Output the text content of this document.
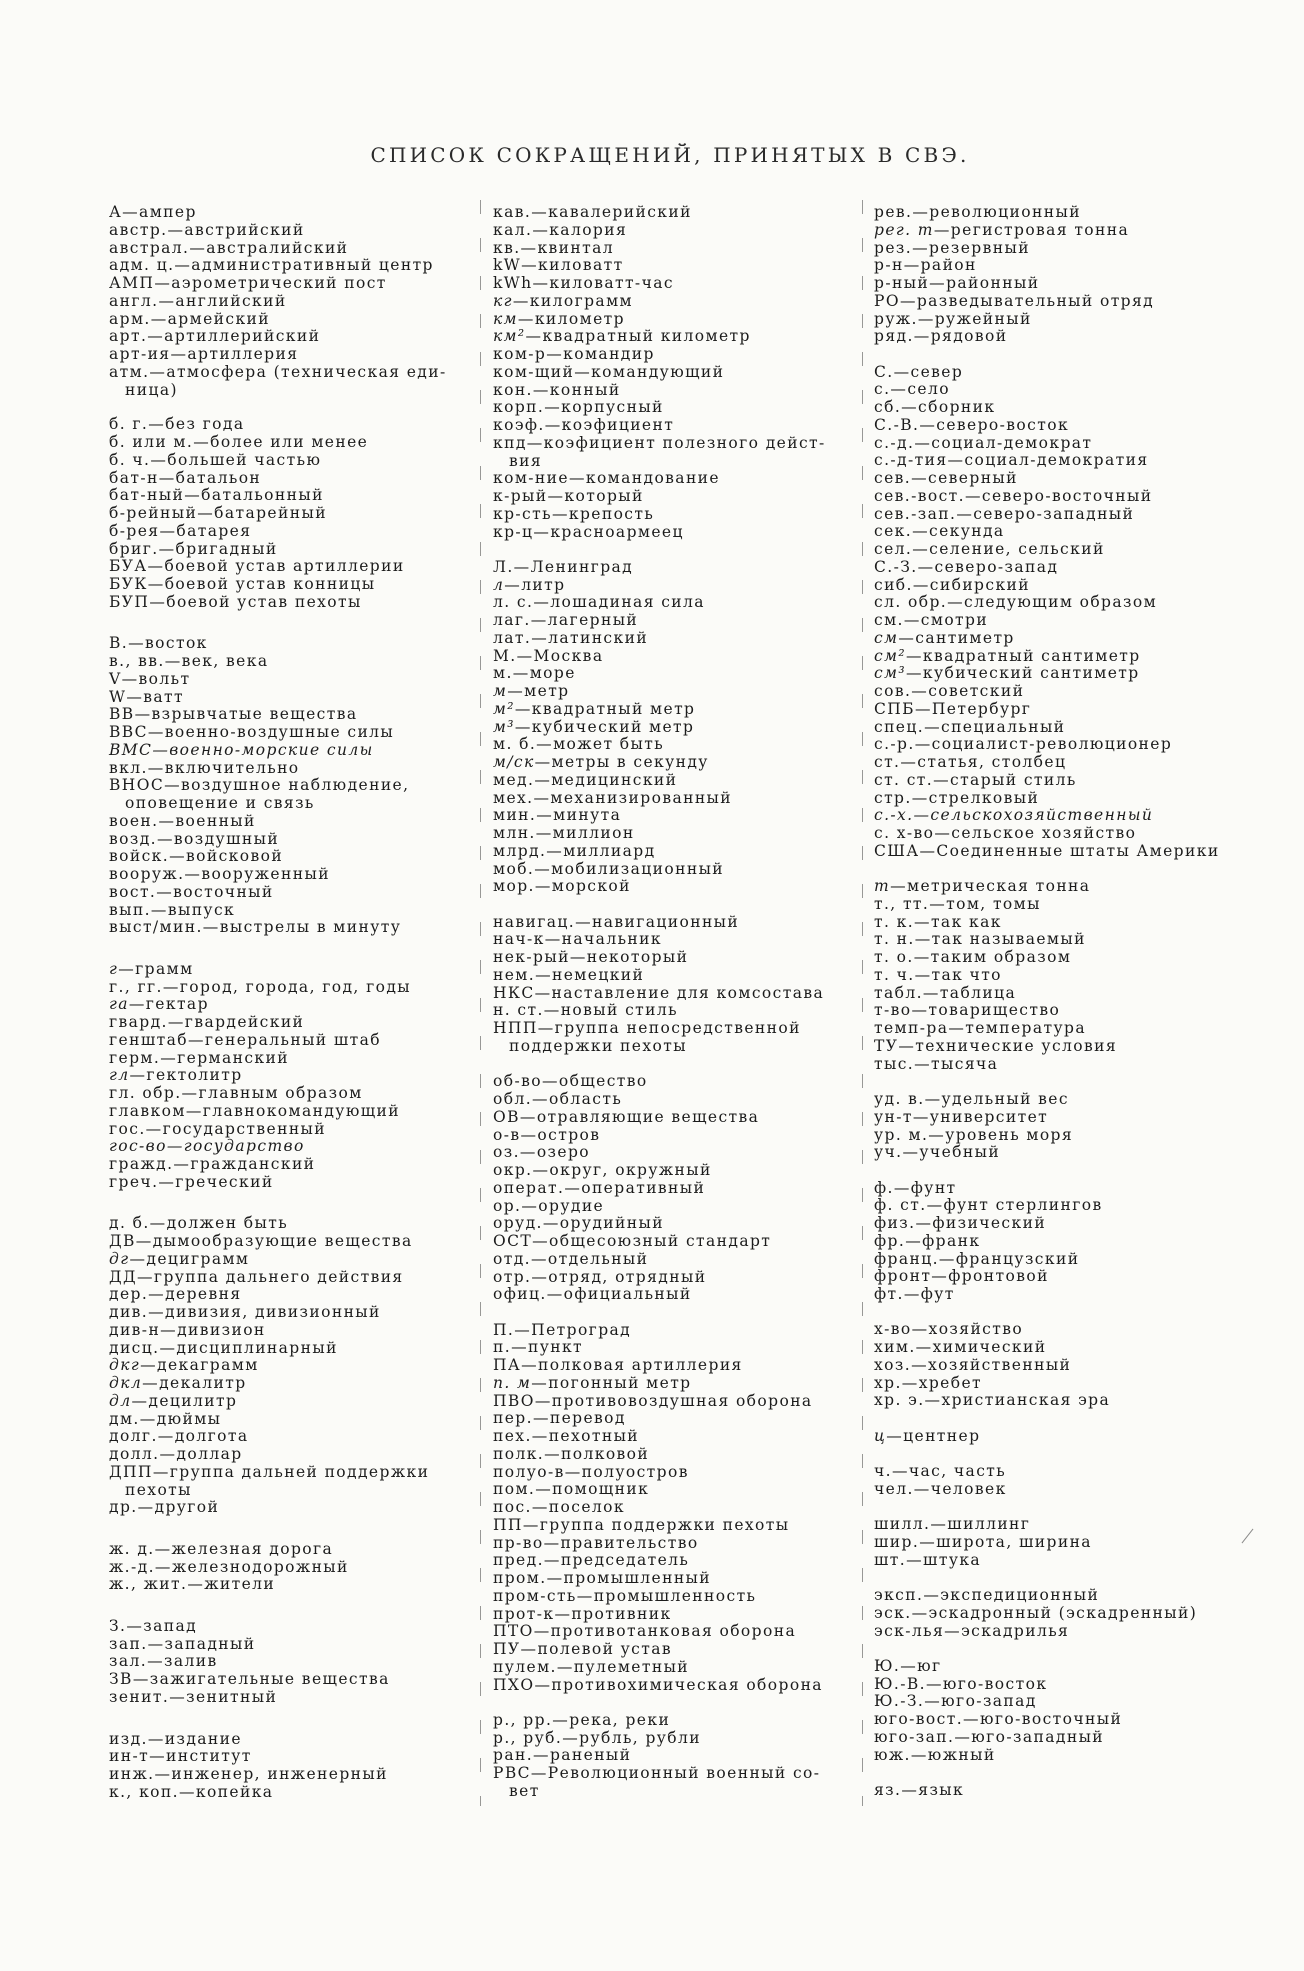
СПИСОК СОКРАЩЕНИЙ, ПРИНЯТЫХ В СВЭ.
А—ампер
австр.—австрийский
австрал.—австралийский
адм. ц.—административный центр
АМП—аэрометрический пост
англ.—английский
арм.—армейский
арт.—артиллерийский
арт-ия—артиллерия
атм.—атмосфера (техническая еди-
ница)
б. г.—без года
б. или м.—более или менее
б. ч.—большей частью
бат-н—батальон
бат-ный—батальонный
б-рейный—батарейный
б-рея—батарея
бриг.—бригадный
БУА—боевой устав артиллерии
БУК—боевой устав конницы
БУП—боевой устав пехоты
В.—восток
в., вв.—век, века
V—вольт
W—ватт
ВВ—взрывчатые вещества
ВВС—военно-воздушные силы
ВМС—военно-морские силы
вкл.—включительно
ВНОС—воздушное наблюдение,
оповещение и связь
воен.—военный
возд.—воздушный
войск.—войсковой
вооруж.—вооруженный
вост.—восточный
вып.—выпуск
выст/мин.—выстрелы в минуту
г—грамм
г., гг.—город, города, год, годы
га—гектар
гвард.—гвардейский
генштаб—генеральный штаб
герм.—германский
гл—гектолитр
гл. обр.—главным образом
главком—главнокомандующий
гос.—государственный
гос-во—государство
гражд.—гражданский
греч.—греческий
д. б.—должен быть
ДВ—дымообразующие вещества
дг—дециграмм
ДД—группа дальнего действия
дер.—деревня
див.—дивизия, дивизионный
див-н—дивизион
дисц.—дисциплинарный
дкг—декаграмм
дкл—декалитр
дл—децилитр
дм.—дюймы
долг.—долгота
долл.—доллар
ДПП—группа дальней поддержки
пехоты
др.—другой
ж. д.—железная дорога
ж.-д.—железнодорожный
ж., жит.—жители
З.—запад
зап.—западный
зал.—залив
ЗВ—зажигательные вещества
зенит.—зенитный
изд.—издание
ин-т—институт
инж.—инженер, инженерный
к., коп.—копейка
кав.—кавалерийский
кал.—калория
кв.—квинтал
kW—киловатт
kWh—киловатт-час
кг—килограмм
км—километр
км²—квадратный километр
ком-р—командир
ком-щий—командующий
кон.—конный
корп.—корпусный
коэф.—коэфициент
кпд—коэфициент полезного дейст-
вия
ком-ние—командование
к-рый—который
кр-сть—крепость
кр-ц—красноармеец
Л.—Ленинград
л—литр
л. с.—лошадиная сила
лаг.—лагерный
лат.—латинский
М.—Москва
м.—море
м—метр
м²—квадратный метр
м³—кубический метр
м. б.—может быть
м/ск—метры в секунду
мед.—медицинский
мех.—механизированный
мин.—минута
млн.—миллион
млрд.—миллиард
моб.—мобилизационный
мор.—морской
навигац.—навигационный
нач-к—начальник
нек-рый—некоторый
нем.—немецкий
НКС—наставление для комсостава
н. ст.—новый стиль
НПП—группа непосредственной
поддержки пехоты
об-во—общество
обл.—область
ОВ—отравляющие вещества
о-в—остров
оз.—озеро
окр.—округ, окружный
операт.—оперативный
ор.—орудие
оруд.—орудийный
ОСТ—общесоюзный стандарт
отд.—отдельный
отр.—отряд, отрядный
офиц.—официальный
П.—Петроград
п.—пункт
ПА—полковая артиллерия
п. м—погонный метр
ПВО—противовоздушная оборона
пер.—перевод
пех.—пехотный
полк.—полковой
полуо-в—полуостров
пом.—помощник
пос.—поселок
ПП—группа поддержки пехоты
пр-во—правительство
пред.—председатель
пром.—промышленный
пром-сть—промышленность
прот-к—противник
ПТО—противотанковая оборона
ПУ—полевой устав
пулем.—пулеметный
ПХО—противохимическая оборона
р., рр.—река, реки
р., руб.—рубль, рубли
ран.—раненый
РВС—Революционный военный со-
вет
рев.—революционный
рег. т—регистровая тонна
рез.—резервный
р-н—район
р-ный—районный
РО—разведывательный отряд
руж.—ружейный
ряд.—рядовой
С.—север
с.—село
сб.—сборник
С.-В.—северо-восток
с.-д.—социал-демократ
с.-д-тия—социал-демократия
сев.—северный
сев.-вост.—северо-восточный
сев.-зап.—северо-западный
сек.—секунда
сел.—селение, сельский
С.-З.—северо-запад
сиб.—сибирский
сл. обр.—следующим образом
см.—смотри
см—сантиметр
см²—квадратный сантиметр
см³—кубический сантиметр
сов.—советский
СПБ—Петербург
спец.—специальный
с.-р.—социалист-революционер
ст.—статья, столбец
ст. ст.—старый стиль
стр.—стрелковый
с.-х.—сельскохозяйственный
с. х-во—сельское хозяйство
США—Соединенные штаты Америки
т—метрическая тонна
т., тт.—том, томы
т. к.—так как
т. н.—так называемый
т. о.—таким образом
т. ч.—так что
табл.—таблица
т-во—товарищество
темп-ра—температура
ТУ—технические условия
тыс.—тысяча
уд. в.—удельный вес
ун-т—университет
ур. м.—уровень моря
уч.—учебный
ф.—фунт
ф. ст.—фунт стерлингов
физ.—физический
фр.—франк
франц.—французский
фронт—фронтовой
фт.—фут
х-во—хозяйство
хим.—химический
хоз.—хозяйственный
хр.—хребет
хр. э.—христианская эра
ц—центнер
ч.—час, часть
чел.—человек
шилл.—шиллинг
шир.—широта, ширина
шт.—штука
эксп.—экспедиционный
эск.—эскадронный (эскадренный)
эск-лья—эскадрилья
Ю.—юг
Ю.-В.—юго-восток
Ю.-З.—юго-запад
юго-вост.—юго-восточный
юго-зап.—юго-западный
юж.—южный
яз.—язык
